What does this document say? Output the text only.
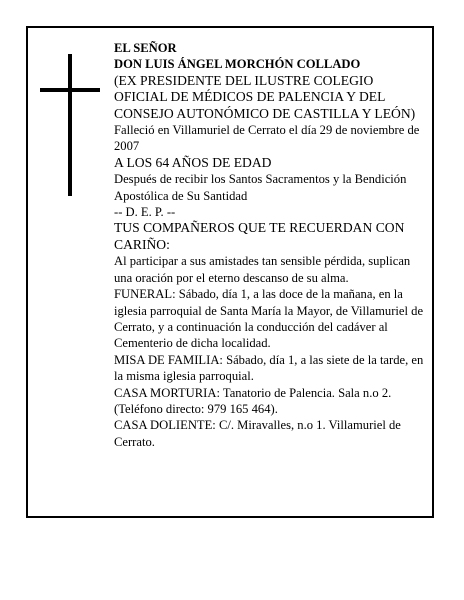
EL SEÑOR

DON LUIS ÁNGEL MORCHÓN COLLADO

(EX PRESIDENTE DEL ILUSTRE COLEGIO OFICIAL DE MÉDICOS DE PALENCIA Y DEL CONSEJO AUTONÓMICO DE CASTILLA Y LEÓN)

Falleció en Villamuriel de Cerrato el día 29 de noviembre de 2007

A LOS 64 AÑOS DE EDAD

Después de recibir los Santos Sacramentos y la Bendición Apostólica de Su Santidad

-- D. E. P. --

TUS COMPAÑEROS QUE TE RECUERDAN CON CARIÑO:

Al participar a sus amistades tan sensible pérdida, suplican una oración por el eterno descanso de su alma.

FUNERAL: Sábado, día 1, a las doce de la mañana, en la iglesia parroquial de Santa María la Mayor, de Villamuriel de Cerrato, y a continuación la conducción del cadáver al Cementerio de dicha localidad.

MISA DE FAMILIA: Sábado, día 1, a las siete de la tarde, en la misma iglesia parroquial.

CASA MORTURIA: Tanatorio de Palencia. Sala n.o 2. (Teléfono directo: 979 165 464).

CASA DOLIENTE: C/. Miravalles, n.o 1. Villamuriel de Cerrato.
